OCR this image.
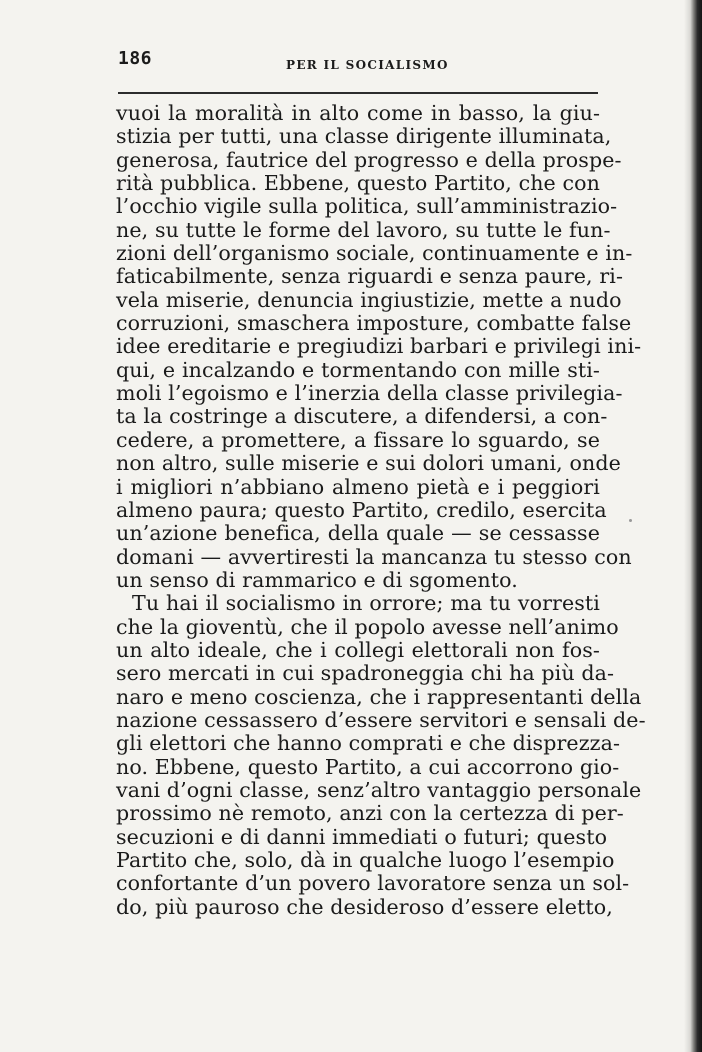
186	PER IL SOCIALISMO
vuoi la moralità in alto come in basso, la giu-
stizia per tutti, una classe dirigente illuminata,
generosa, fautrice del progresso e della prospe-
rità pubblica. Ebbene, questo Partito, che con
l’occhio vigile sulla politica, sull’amministrazio-
ne, su tutte le forme del lavoro, su tutte le fun-
zioni dell’organismo sociale, continuamente e in-
faticabilmente, senza riguardi e senza paure, ri-
vela miserie, denuncia ingiustizie, mette a nudo
corruzioni, smaschera imposture, combatte false
idee ereditarie e pregiudizi barbari e privilegi ini-
qui, e incalzando e tormentando con mille sti-
moli l’egoismo e l’inerzia della classe privilegia-
ta la costringe a discutere, a difendersi, a con-
cedere, a promettere, a fissare lo sguardo, se
non altro, sulle miserie e sui dolori umani, onde
i migliori n’abbiano almeno pietà e i peggiori
almeno paura; questo Partito, credilo, esercita
un’azione benefica, della quale — se cessasse
domani — avvertiresti la mancanza tu stesso con
un senso di rammarico e di sgomento.
Tu hai il socialismo in orrore; ma tu vorresti
che la gioventù, che il popolo avesse nell’animo
un alto ideale, che i collegi elettorali non fos-
sero mercati in cui spadroneggia chi ha più da-
naro e meno coscienza, che i rappresentanti della
nazione cessassero d’essere servitori e sensali de-
gli elettori che hanno comprati e che disprezza-
no. Ebbene, questo Partito, a cui accorrono gio-
vani d’ogni classe, senz’altro vantaggio personale
prossimo nè remoto, anzi con la certezza di per-
secuzioni e di danni immediati o futuri; questo
Partito che, solo, dà in qualche luogo l’esempio
confortante d’un povero lavoratore senza un sol-
do, più pauroso che desideroso d’essere eletto,
